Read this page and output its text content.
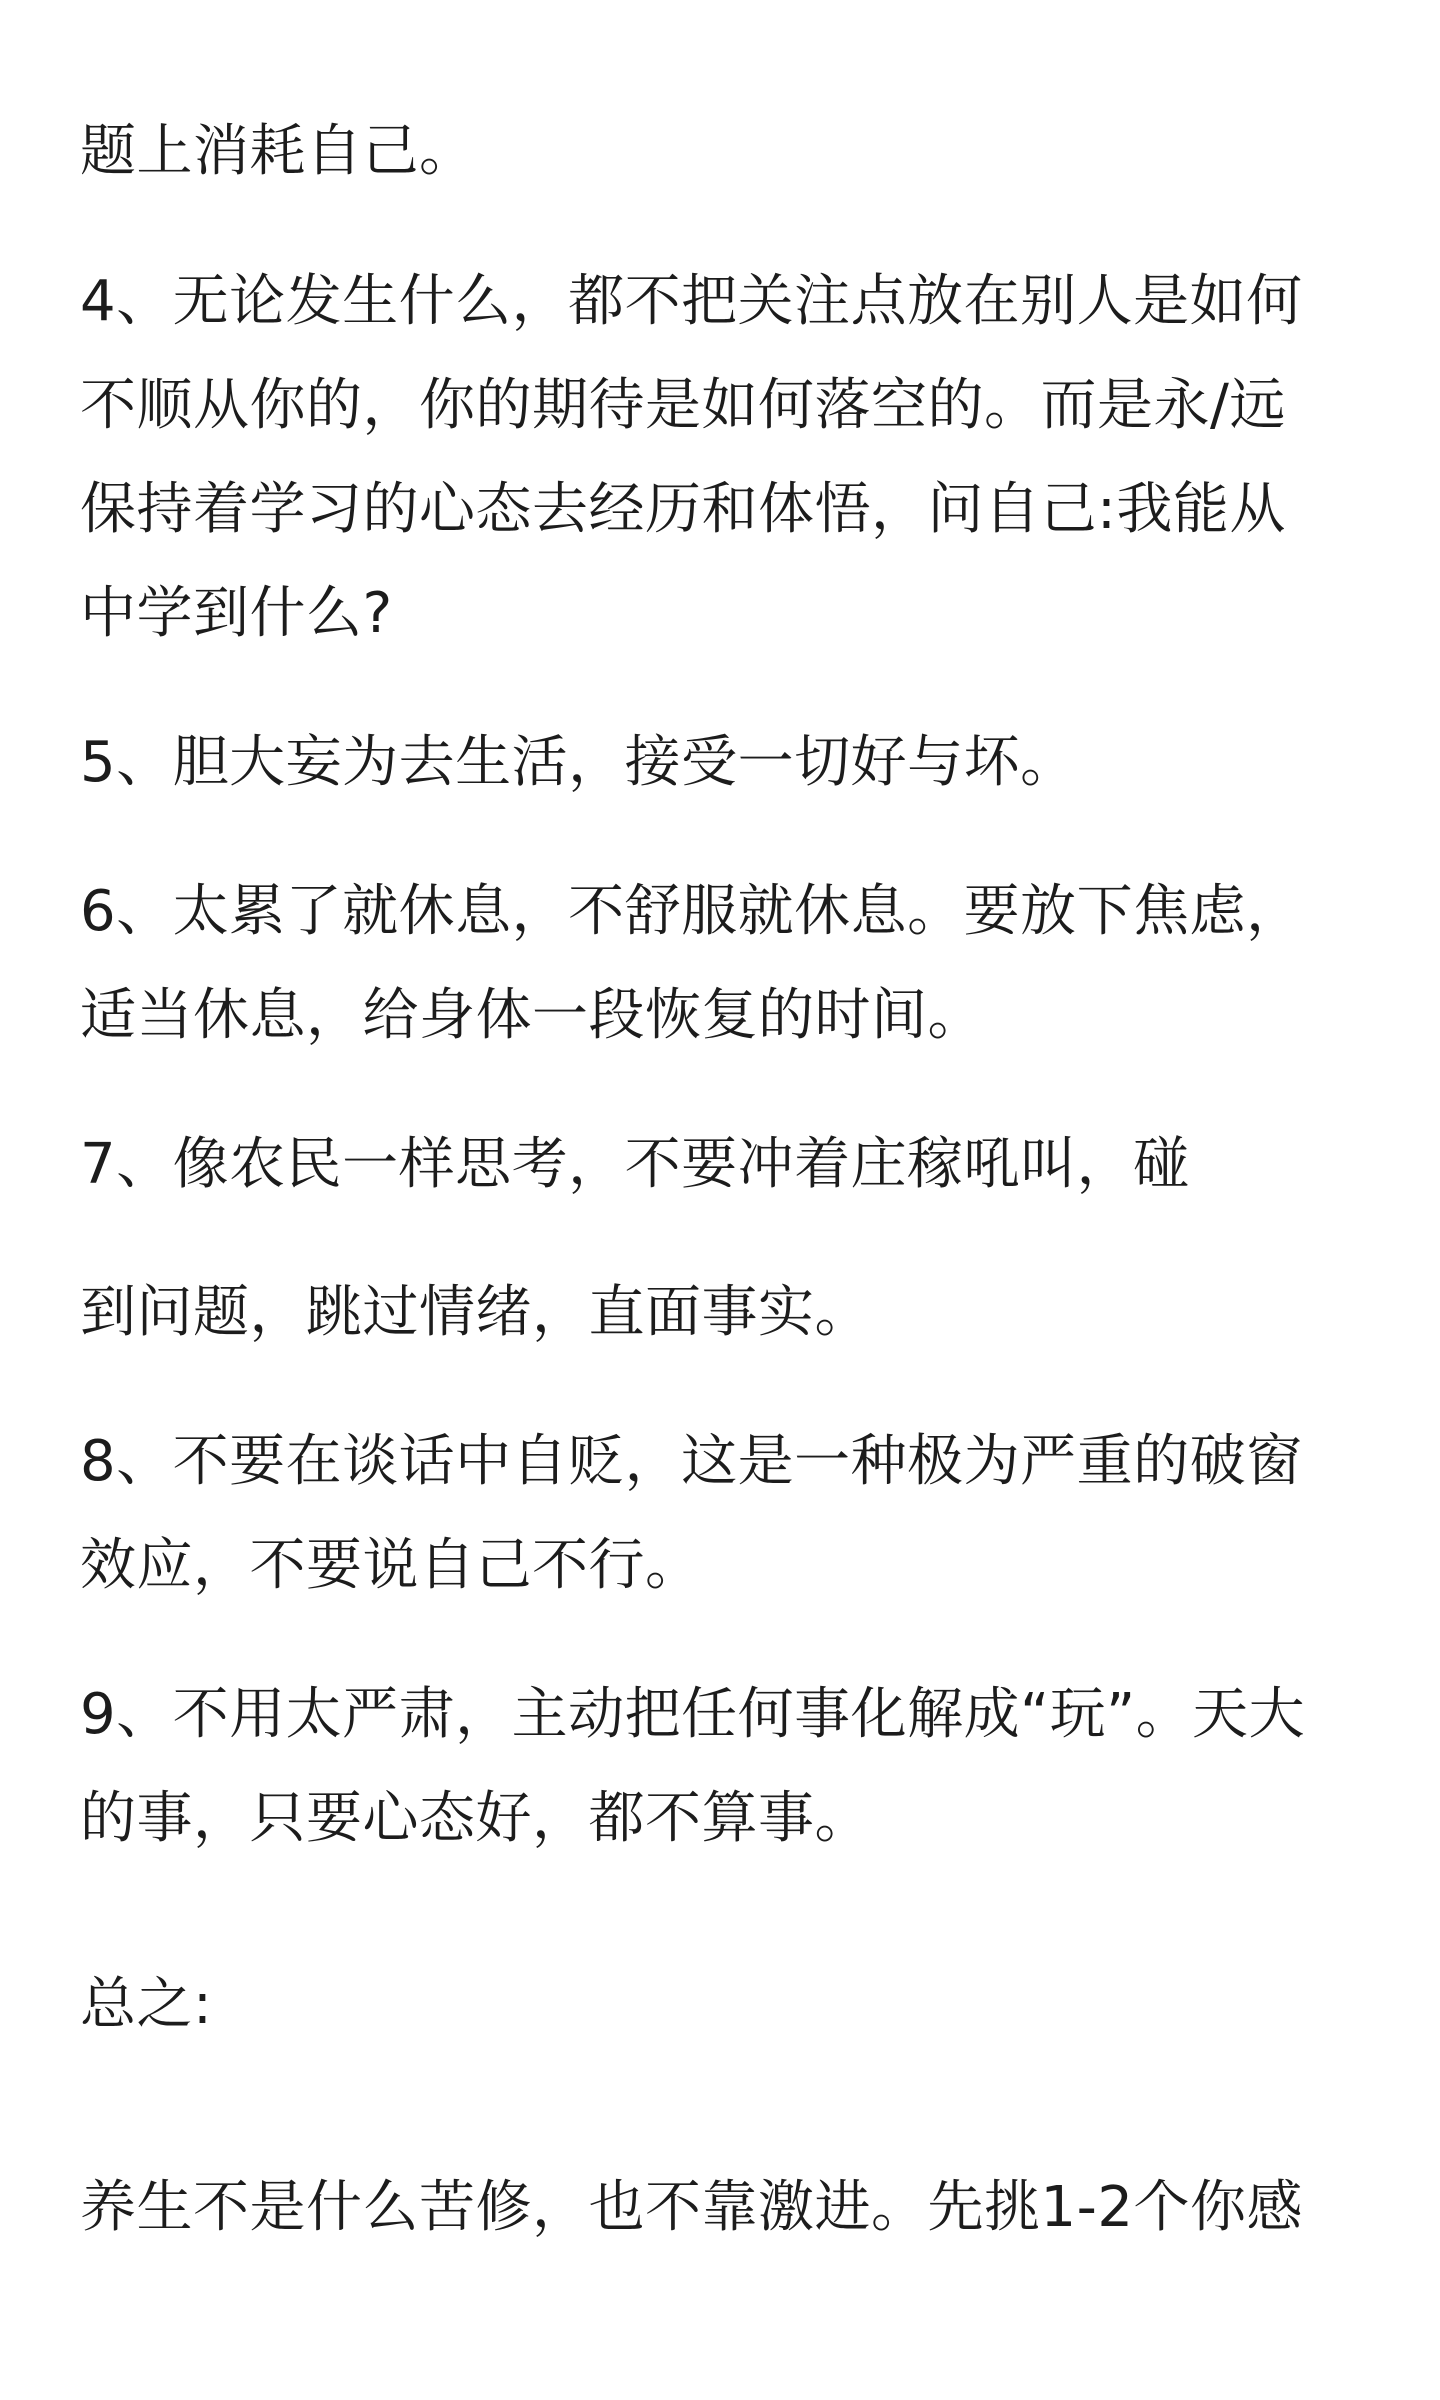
题上消耗自己。
4、无论发生什么，都不把关注点放在别人是如何
不顺从你的，你的期待是如何落空的。而是永/远
保持着学习的心态去经历和体悟，问自己:我能从
中学到什么?
5、胆大妄为去生活，接受一切好与坏。
6、太累了就休息，不舒服就休息。要放下焦虑，
适当休息，给身体一段恢复的时间。
7、像农民一样思考，不要冲着庄稼吼叫，碰
到问题，跳过情绪，直面事实。
8、不要在谈话中自贬，这是一种极为严重的破窗
效应，不要说自己不行。
9、不用太严肃，主动把任何事化解成“玩”。天大
的事，只要心态好，都不算事。
总之:
养生不是什么苦修，也不靠激进。先挑1-2个你感
